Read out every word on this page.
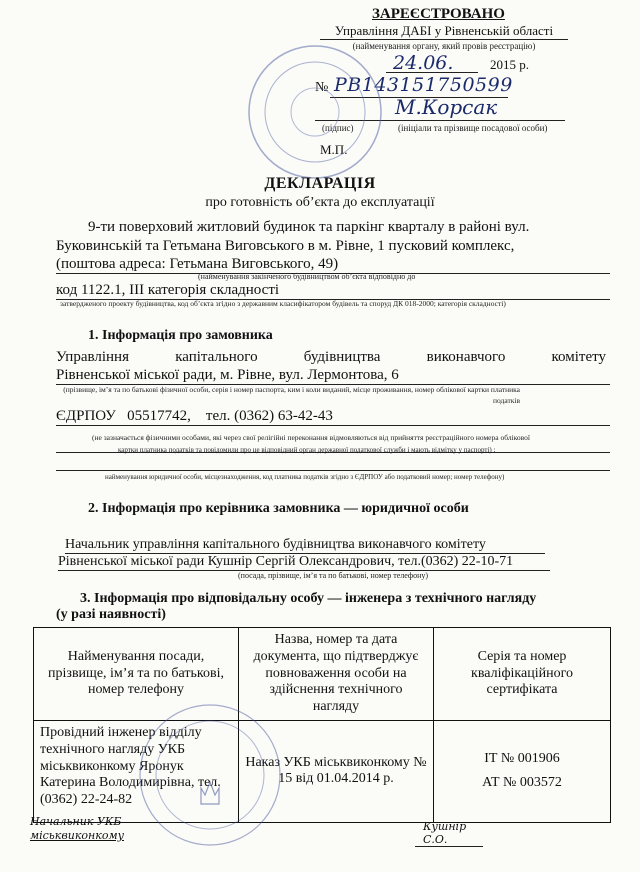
ЗАРЕЄСТРОВАНО
Управління ДАБІ у Рівненській області
(найменування органу, який провів реєстрацію)
24.06.	2015 р.
№ РВ143151750599
М.Корсак
(підпис)	(ініціали та прізвище посадової особи)
М.П.
ДЕКЛАРАЦІЯ
про готовність об’єкта до експлуатації
9-ти поверховий житловий будинок та паркінг кварталу в районі вул.
Буковинській та Гетьмана Виговського в м. Рівне, 1 пусковий комплекс,
(поштова адреса: Гетьмана Виговського, 49)
(найменування закінченого будівництвом об’єкта відповідно до
код 1122.1, ІІІ категорія складності
затвердженого проекту будівництва, код об’єкта згідно з державним класифікатором будівель та споруд ДК 018-2000; категорія складності)
1. Інформація про замовника
Управління капітального будівництва виконавчого комітету
Рівненської міської ради, м. Рівне, вул. Лермонтова, 6
(прізвище, ім’я та по батькові фізичної особи, серія і номер паспорта, ким і коли виданий, місце проживання, номер облікової картки платника податків
ЄДРПОУ   05517742,    тел. (0362) 63-42-43
(не зазначається фізичними особами, які через свої релігійні переконання відмовляються від прийняття реєстраційного номера облікової
картки платника податків та повідомили про це відповідний орган державної податкової служби і мають відмітку у паспорті) ;
найменування юридичної особи, місцезнаходження, код платника податків згідно з ЄДРПОУ або податковий номер; номер телефону)
2. Інформація про керівника замовника — юридичної особи
Начальник управління капітального будівництва виконавчого комітету
Рівненської міської ради Кушнір Сергій Олександрович, тел.(0362) 22-10-71
(посада, прізвище, ім’я та по батькові, номер телефону)
3. Інформація про відповідальну особу — інженера з технічного нагляду
(у разі наявності)
Найменування посади, прізвище, ім’я та по батькові, номер телефону	Назва, номер та дата документа, що підтверджує повноваження особи на здійснення технічного нагляду	Серія та номер кваліфікаційного сертифіката
Провідний інженер відділу технічного нагляду УКБ міськвиконкому Яронук Катерина Володимирівна, тел. (0362) 22-24-82	Наказ УКБ міськвиконкому № 15 від 01.04.2014 р.	ІТ № 001906
АТ № 003572
Начальник УКБ
міськвиконкому
Кушнір С.О.
